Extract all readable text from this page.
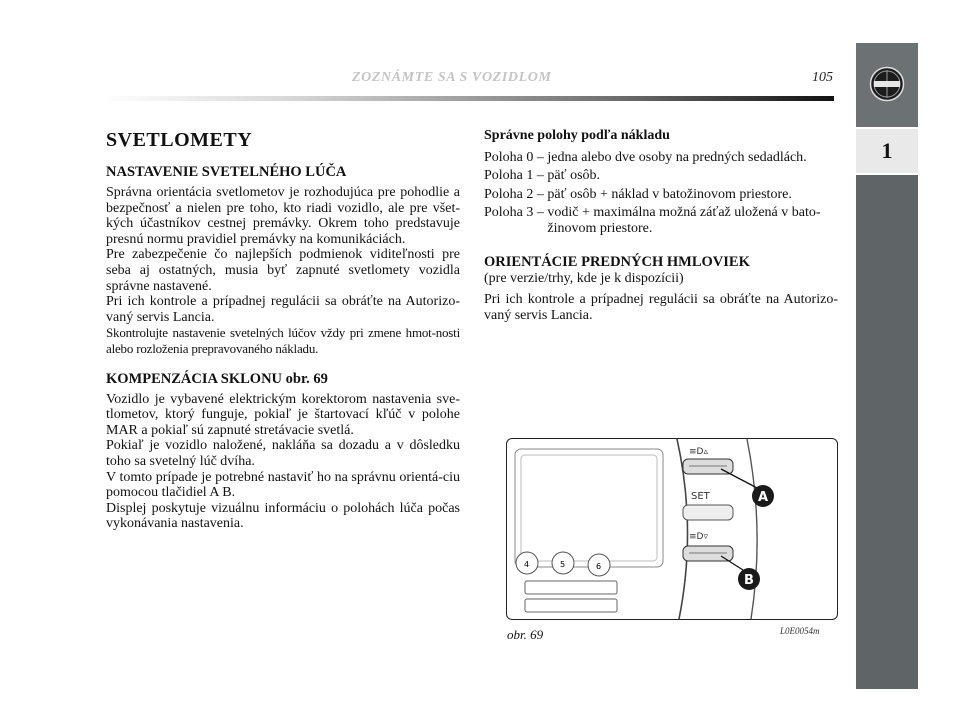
1
ZOZNÁMTE SA S VOZIDLOM	105
SVETLOMETY
NASTAVENIE SVETELNÉHO LÚČA

Správna orientácia svetlometov je rozhodujúca pre pohodlie a bezpečnosť a nielen pre toho, kto riadi vozidlo, ale pre všet-kých účastníkov cestnej premávky. Okrem toho predstavuje presnú normu pravidiel premávky na komunikáciách.

Pre zabezpečenie čo najlepších podmienok viditeľnosti pre seba aj ostatných, musia byť zapnuté svetlomety vozidla správne nastavené.

Pri ich kontrole a prípadnej regulácii sa obráťte na Autorizo-vaný servis Lancia.

Skontrolujte nastavenie svetelných lúčov vždy pri zmene hmot-nosti alebo rozloženia prepravovaného nákladu.

KOMPENZÁCIA SKLONU obr. 69

Vozidlo je vybavené elektrickým korektorom nastavenia sve-tlometov, ktorý funguje, pokiaľ je štartovací kľúč v polohe MAR a pokiaľ sú zapnuté stretávacie svetlá.

Pokiaľ je vozidlo naložené, nakláňa sa dozadu a v dôsledku toho sa svetelný lúč dvíha.

V tomto prípade je potrebné nastaviť ho na správnu orientá-ciu pomocou tlačidiel A B.

Displej poskytuje vizuálnu informáciu o polohách lúča počas vykonávania nastavenia.

Správne polohy podľa nákladu

Poloha 0 – jedna alebo dve osoby na predných sedadlách.
Poloha 1 – päť osôb.
Poloha 2 – päť osôb + náklad v batožinovom priestore.
Poloha 3 – vodič + maximálna možná záťaž uložená v bato-žinovom priestore.
ORIENTÁCIE PREDNÝCH HMLOVIEK

(pre verzie/trhy, kde je k dispozícii)

Pri ich kontrole a prípadnej regulácii sa obráťte na Autorizo-vaný servis Lancia.

≡D▵
SET
≡D▿
4	5	6
A
B
obr. 69	L0E0054m
